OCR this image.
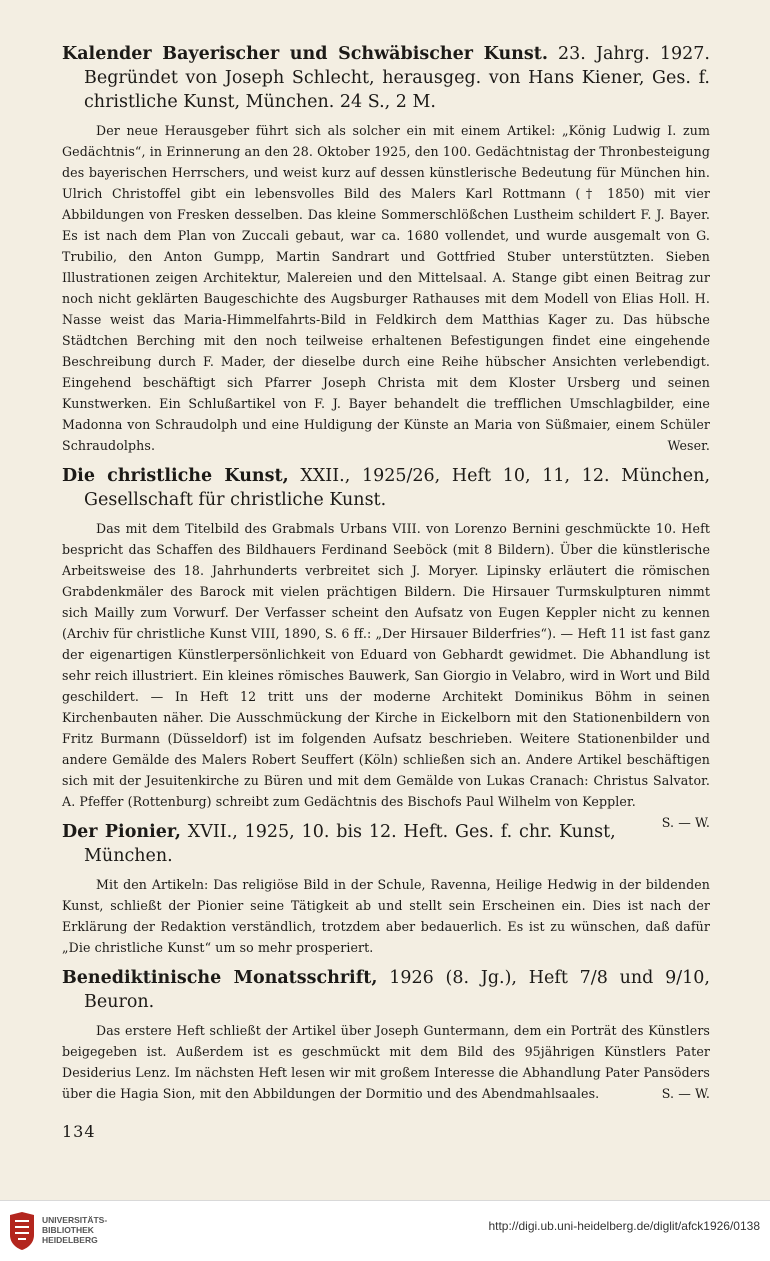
Kalender Bayerischer und Schwäbischer Kunst. 23. Jahrg. 1927. Begründet von Joseph Schlecht, herausgeg. von Hans Kiener, Ges. f. christliche Kunst, München. 24 S., 2 M.

Der neue Herausgeber führt sich als solcher ein mit einem Artikel: „König Ludwig I. zum Gedächtnis“, in Erinnerung an den 28. Oktober 1925, den 100. Gedächtnistag der Thronbesteigung des bayerischen Herrschers, und weist kurz auf dessen künstlerische Bedeutung für München hin. Ulrich Christoffel gibt ein lebensvolles Bild des Malers Karl Rottmann († 1850) mit vier Abbildungen von Fresken desselben. Das kleine Sommerschlößchen Lustheim schildert F. J. Bayer. Es ist nach dem Plan von Zuccali gebaut, war ca. 1680 vollendet, und wurde ausgemalt von G. Trubilio, den Anton Gumpp, Martin Sandrart und Gottfried Stuber unterstützten. Sieben Illustrationen zeigen Architektur, Malereien und den Mittelsaal. A. Stange gibt einen Beitrag zur noch nicht geklärten Baugeschichte des Augsburger Rathauses mit dem Modell von Elias Holl. H. Nasse weist das Maria-Himmelfahrts-Bild in Feldkirch dem Matthias Kager zu. Das hübsche Städtchen Berching mit den noch teilweise erhaltenen Befestigungen findet eine eingehende Beschreibung durch F. Mader, der dieselbe durch eine Reihe hübscher Ansichten verlebendigt. Eingehend beschäftigt sich Pfarrer Joseph Christa mit dem Kloster Ursberg und seinen Kunstwerken. Ein Schlußartikel von F. J. Bayer behandelt die trefflichen Umschlagbilder, eine Madonna von Schraudolph und eine Huldigung der Künste an Maria von Süßmaier, einem Schüler Schraudolphs.	Weser.

Die christliche Kunst, XXII., 1925/26, Heft 10, 11, 12. München, Gesellschaft für christliche Kunst.

Das mit dem Titelbild des Grabmals Urbans VIII. von Lorenzo Bernini geschmückte 10. Heft bespricht das Schaffen des Bildhauers Ferdinand Seeböck (mit 8 Bildern). Über die künstlerische Arbeitsweise des 18. Jahrhunderts verbreitet sich J. Moryer. Lipinsky erläutert die römischen Grabdenkmäler des Barock mit vielen prächtigen Bildern. Die Hirsauer Turmskulpturen nimmt sich Mailly zum Vorwurf. Der Verfasser scheint den Aufsatz von Eugen Keppler nicht zu kennen (Archiv für christliche Kunst VIII, 1890, S. 6 ff.: „Der Hirsauer Bilderfries“). — Heft 11 ist fast ganz der eigenartigen Künstlerpersönlichkeit von Eduard von Gebhardt gewidmet. Die Abhandlung ist sehr reich illustriert. Ein kleines römisches Bauwerk, San Giorgio in Velabro, wird in Wort und Bild geschildert. — In Heft 12 tritt uns der moderne Architekt Dominikus Böhm in seinen Kirchenbauten näher. Die Ausschmückung der Kirche in Eickelborn mit den Stationenbildern von Fritz Burmann (Düsseldorf) ist im folgenden Aufsatz beschrieben. Weitere Stationenbilder und andere Gemälde des Malers Robert Seuffert (Köln) schließen sich an. Andere Artikel beschäftigen sich mit der Jesuitenkirche zu Büren und mit dem Gemälde von Lukas Cranach: Christus Salvator. A. Pfeffer (Rottenburg) schreibt zum Gedächtnis des Bischofs Paul Wilhelm von Keppler.
S. — W.

Der Pionier, XVII., 1925, 10. bis 12. Heft. Ges. f. chr. Kunst, München.

Mit den Artikeln: Das religiöse Bild in der Schule, Ravenna, Heilige Hedwig in der bildenden Kunst, schließt der Pionier seine Tätigkeit ab und stellt sein Erscheinen ein. Dies ist nach der Erklärung der Redaktion verständlich, trotzdem aber bedauerlich. Es ist zu wünschen, daß dafür „Die christliche Kunst“ um so mehr prosperiert.

Benediktinische Monatsschrift, 1926 (8. Jg.), Heft 7/8 und 9/10, Beuron.

Das erstere Heft schließt der Artikel über Joseph Guntermann, dem ein Porträt des Künstlers beigegeben ist. Außerdem ist es geschmückt mit dem Bild des 95jährigen Künstlers Pater Desiderius Lenz. Im nächsten Heft lesen wir mit großem Interesse die Abhandlung Pater Pansöders über die Hagia Sion, mit den Abbildungen der Dormitio und des Abendmahlsaales.	S. — W.

134
UNIVERSITÄTS-
BIBLIOTHEK
HEIDELBERG
http://digi.ub.uni-heidelberg.de/diglit/afck1926/0138
